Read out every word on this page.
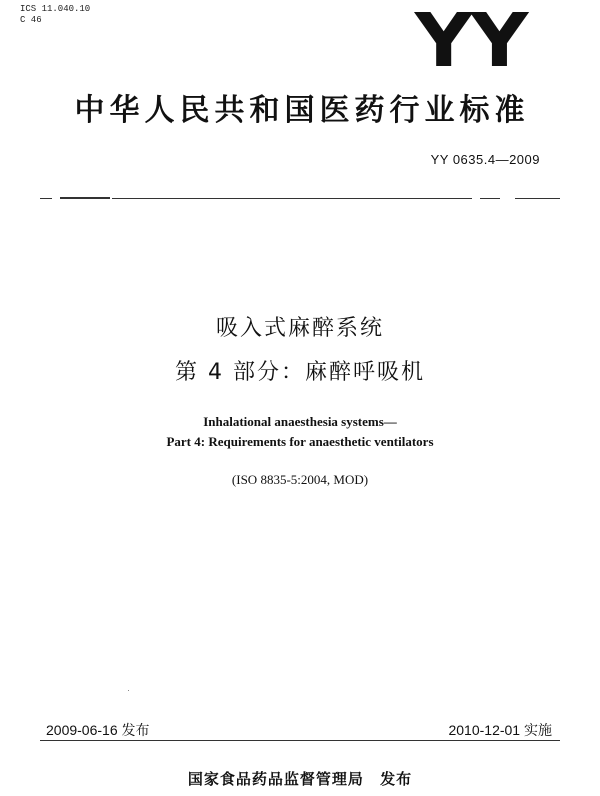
ICS 11.040.10
C 46	YY
中华人民共和国医药行业标准
YY 0635.4—2009
吸入式麻醉系统
第 4 部分：麻醉呼吸机
Inhalational anaesthesia systems—
Part 4: Requirements for anaesthetic ventilators
(ISO 8835-5:2004, MOD)
2009-06-16 发布	2010-12-01 实施
国家食品药品监督管理局 发布
